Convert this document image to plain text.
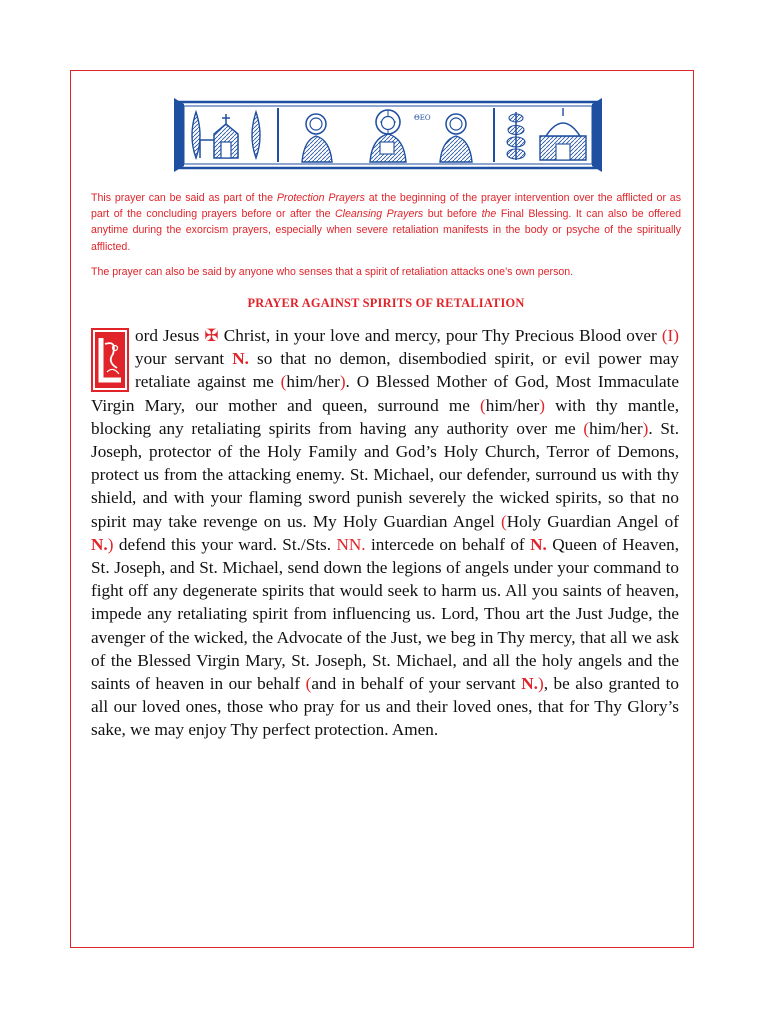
ΘΕΟ

This prayer can be said as part of the Protection Prayers at the beginning of the prayer intervention over the afflicted or as part of the concluding prayers before or after the Cleansing Prayers but before the Final Blessing. It can also be offered anytime during the exorcism prayers, especially when severe retaliation manifests in the body or psyche of the spiritually afflicted.

The prayer can also be said by anyone who senses that a spirit of retaliation attacks one’s own person.

PRAYER AGAINST SPIRITS OF RETALIATION

ord Jesus ✠ Christ, in your love and mercy, pour Thy Precious Blood over (I) your servant N. so that no demon, disembodied spirit, or evil power may retaliate against me (him/her). O Blessed Mother of God, Most Immaculate Virgin Mary, our mother and queen, surround me (him/her) with thy mantle, blocking any retaliating spirits from having any authority over me (him/her). St. Joseph, protector of the Holy Family and God’s Holy Church, Terror of Demons, protect us from the attacking enemy. St. Michael, our defender, surround us with thy shield, and with your flaming sword punish severely the wicked spirits, so that no spirit may take revenge on us. My Holy Guardian Angel (Holy Guardian Angel of N.) defend this your ward. St./Sts. NN. intercede on behalf of N. Queen of Heaven, St. Joseph, and St. Michael, send down the legions of angels under your command to fight off any degenerate spirits that would seek to harm us. All you saints of heaven, impede any retaliating spirit from influencing us. Lord, Thou art the Just Judge, the avenger of the wicked, the Advocate of the Just, we beg in Thy mercy, that all we ask of the Blessed Virgin Mary, St. Joseph, St. Michael, and all the holy angels and the saints of heaven in our behalf (and in behalf of your servant N.), be also granted to all our loved ones, those who pray for us and their loved ones, that for Thy Glory’s sake, we may enjoy Thy perfect protection. Amen.
